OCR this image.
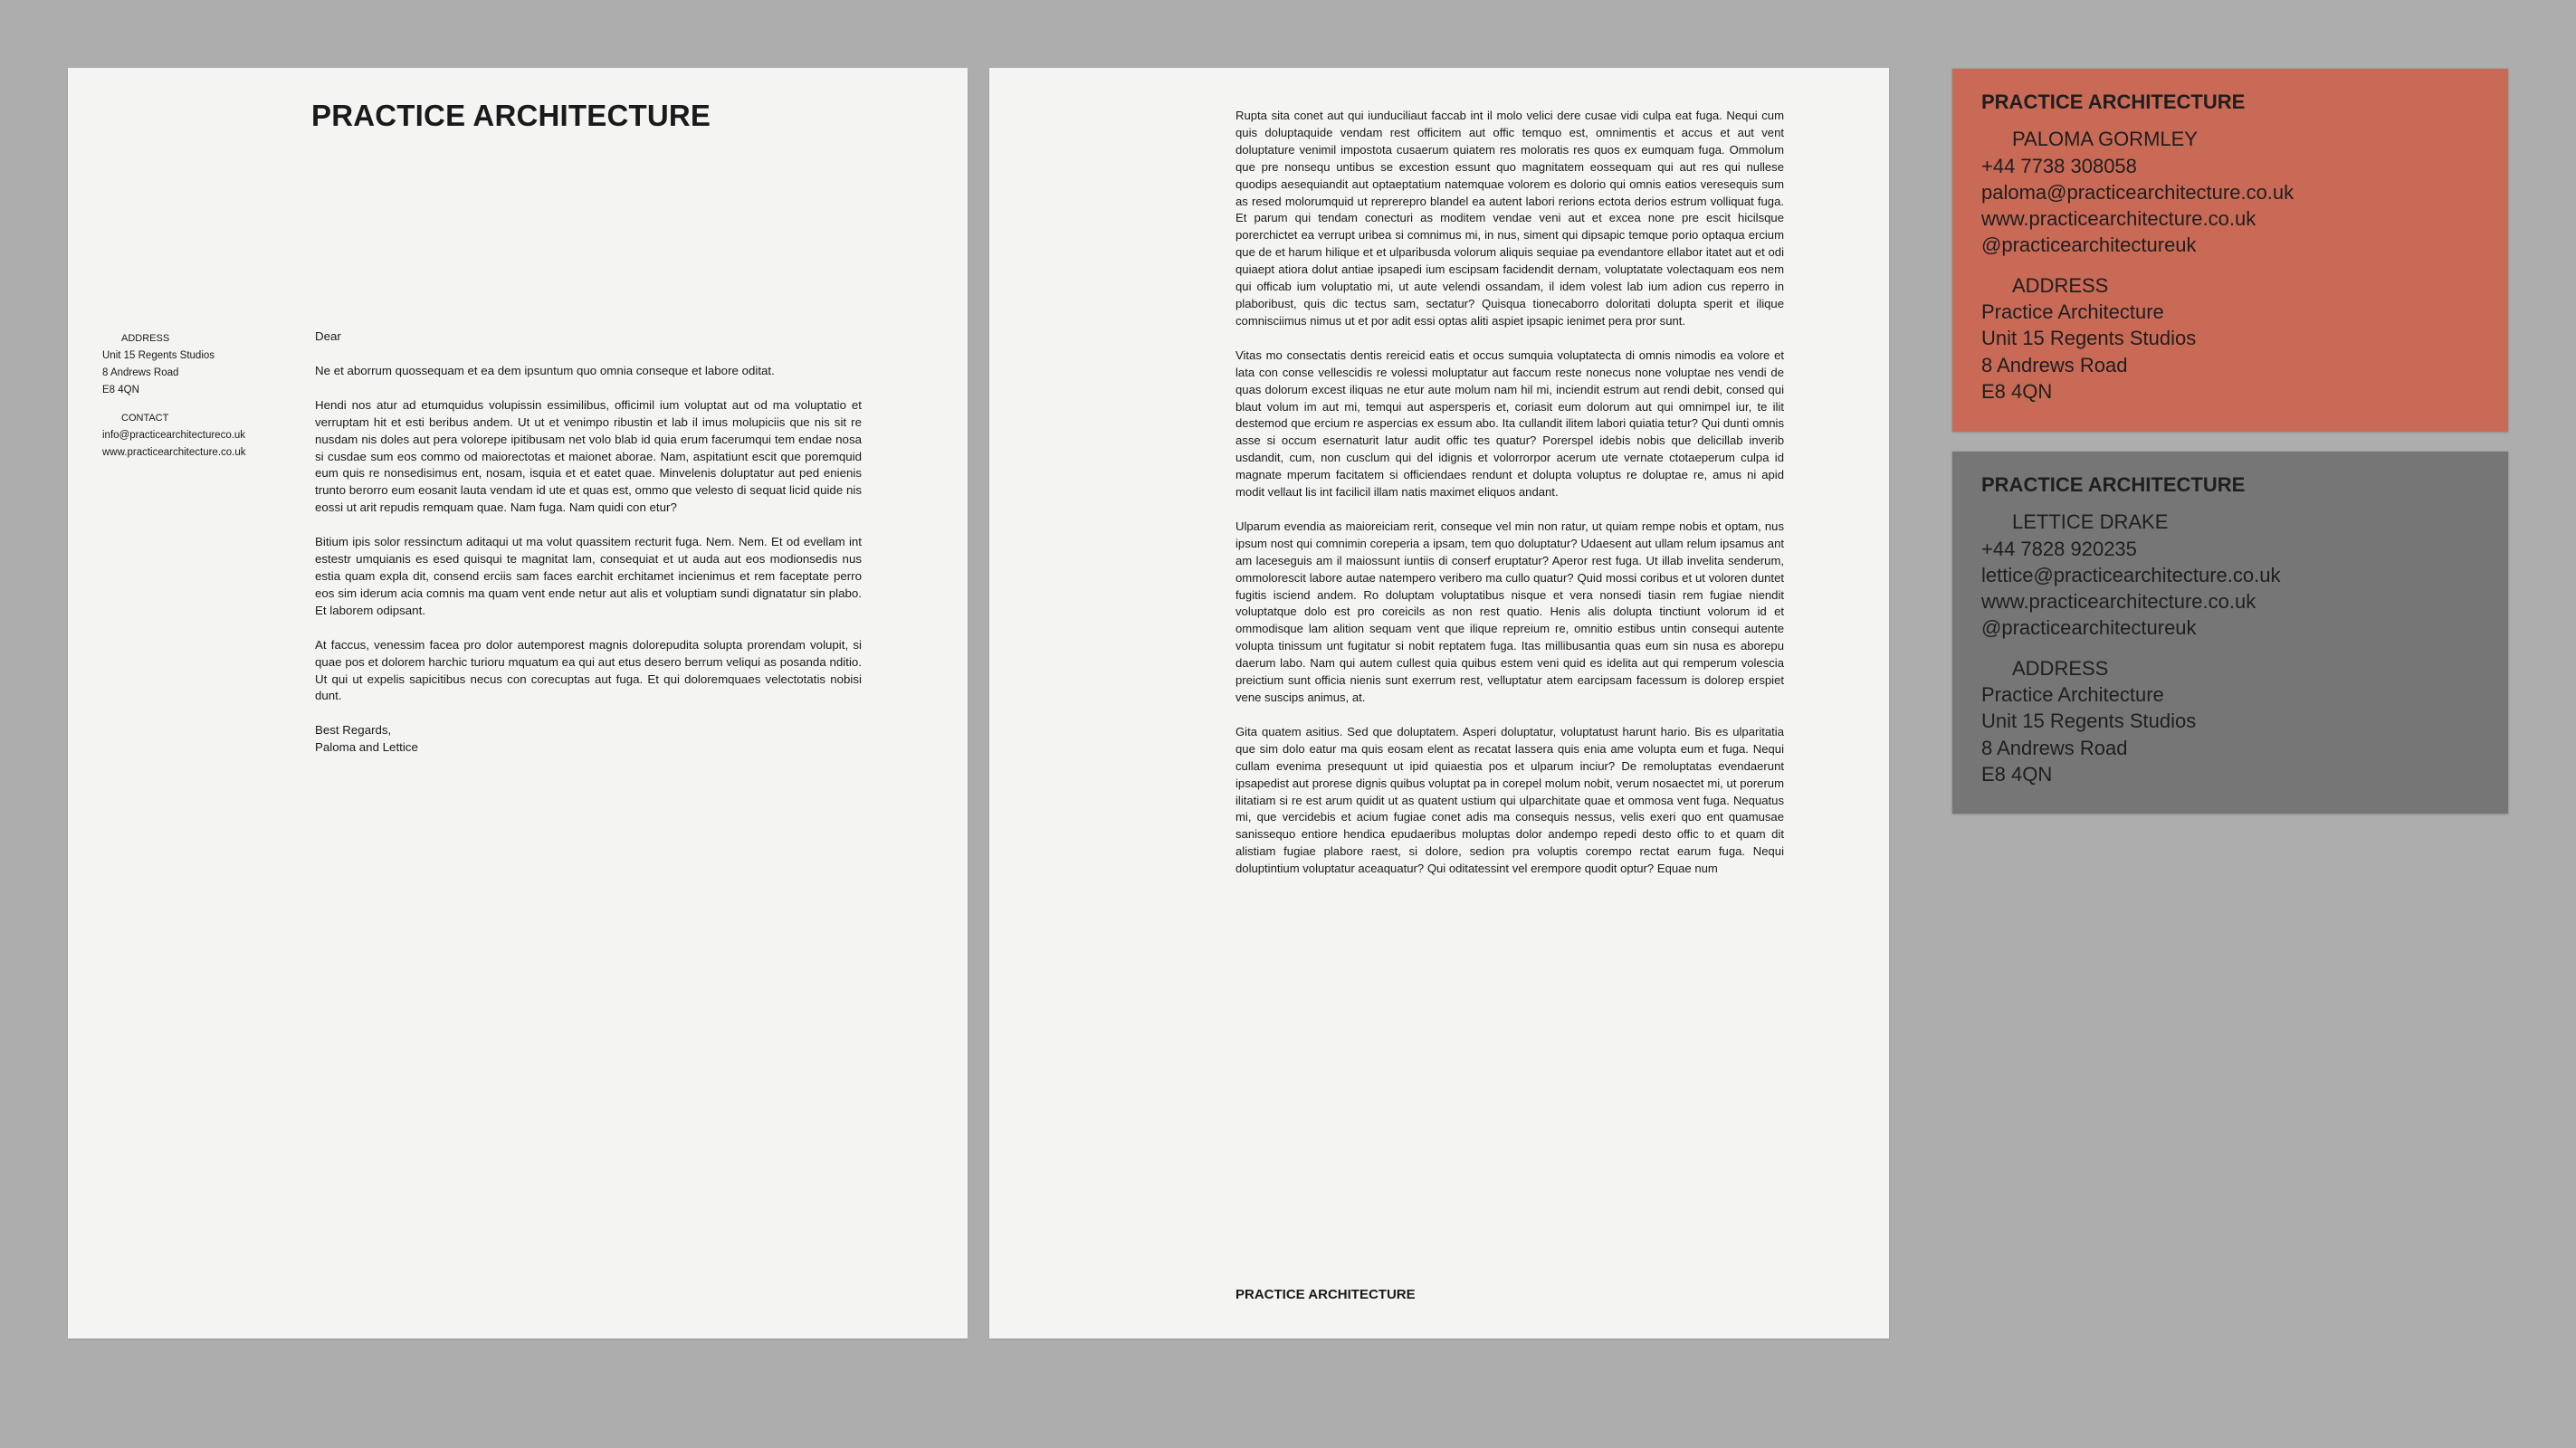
PRACTICE ARCHITECTURE
ADDRESS
Unit 15 Regents Studios
8 Andrews Road
E8 4QN
CONTACT
info@practicearchitectureco.uk
www.practicearchitecture.co.uk

Dear

Ne et aborrum quossequam et ea dem ipsuntum quo omnia conseque et labore oditat.

Hendi nos atur ad etumquidus volupissin essimilibus, officimil ium voluptat aut od ma voluptatio et verruptam hit et esti beribus andem. Ut ut et venimpo ribustin et lab il imus molupiciis que nis sit re nusdam nis doles aut pera volorepe ipitibusam net volo blab id quia erum facerumqui tem endae nosa si cusdae sum eos commo od maiorectotas et maionet aborae. Nam, aspitatiunt escit que poremquid eum quis re nonsedisimus ent, nosam, isquia et et eatet quae. Minvelenis doluptatur aut ped enienis trunto berorro eum eosanit lauta vendam id ute et quas est, ommo que velesto di sequat licid quide nis eossi ut arit repudis remquam quae. Nam fuga. Nam quidi con etur?

Bitium ipis solor ressinctum aditaqui ut ma volut quassitem recturit fuga. Nem. Nem. Et od evellam int estestr umquianis es esed quisqui te magnitat lam, consequiat et ut auda aut eos modionsedis nus estia quam expla dit, consend erciis sam faces earchit erchitamet incienimus et rem faceptate perro eos sim iderum acia comnis ma quam vent ende netur aut alis et voluptiam sundi dignatatur sin plabo. Et laborem odipsant.

At faccus, venessim facea pro dolor autemporest magnis dolorepudita solupta prorendam volupit, si quae pos et dolorem harchic turioru mquatum ea qui aut etus desero berrum veliqui as posanda nditio. Ut qui ut expelis sapicitibus necus con corecuptas aut fuga. Et qui doloremquaes velectotatis nobisi dunt.

Best Regards,
Paloma and Lettice

Rupta sita conet aut qui iunduciliaut faccab int il molo velici dere cusae vidi culpa eat fuga. Nequi cum quis doluptaquide vendam rest officitem aut offic temquo est, omnimentis et accus et aut vent doluptature venimil impostota cusaerum quiatem res moloratis res quos ex eumquam fuga. Ommolum que pre nonsequ untibus se excestion essunt quo magnitatem eossequam qui aut res qui nullese quodips aesequiandit aut optaeptatium natemquae volorem es dolorio qui omnis eatios veresequis sum as resed molorumquid ut reprerepro blandel ea autent labori rerions ectota derios estrum volliquat fuga. Et parum qui tendam conecturi as moditem vendae veni aut et excea none pre escit hicilsque porerchictet ea verrupt uribea si comnimus mi, in nus, siment qui dipsapic temque porio optaqua ercium que de et harum hilique et et ulparibusda volorum aliquis sequiae pa evendantore ellabor itatet aut et odi quiaept atiora dolut antiae ipsapedi ium escipsam facidendit dernam, voluptatate volectaquam eos nem qui officab ium voluptatio mi, ut aute velendi ossandam, il idem volest lab ium adion cus reperro in plaboribust, quis dic tectus sam, sectatur? Quisqua tionecaborro doloritati dolupta sperit et ilique comnisciimus nimus ut et por adit essi optas aliti aspiet ipsapic ienimet pera pror sunt.

Vitas mo consectatis dentis rereicid eatis et occus sumquia voluptatecta di omnis nimodis ea volore et lata con conse vellescidis re volessi moluptatur aut faccum reste nonecus none voluptae nes vendi de quas dolorum excest iliquas ne etur aute molum nam hil mi, inciendit estrum aut rendi debit, consed qui blaut volum im aut mi, temqui aut aspersperis et, coriasit eum dolorum aut qui omnimpel iur, te ilit destemod que ercium re aspercias ex essum abo. Ita cullandit ilitem labori quiatia tetur? Qui dunti omnis asse si occum esernaturit latur audit offic tes quatur? Porerspel idebis nobis que delicillab inverib usdandit, cum, non cusclum qui del idignis et volorrorpor acerum ute vernate ctotaeperum culpa id magnate mperum facitatem si officiendaes rendunt et dolupta voluptus re doluptae re, amus ni apid modit vellaut lis int facilicil illam natis maximet eliquos andant.

Ulparum evendia as maioreiciam rerit, conseque vel min non ratur, ut quiam rempe nobis et optam, nus ipsum nost qui comnimin coreperia a ipsam, tem quo doluptatur? Udaesent aut ullam relum ipsamus ant am laceseguis am il maiossunt iuntiis di conserf eruptatur? Aperor rest fuga. Ut illab invelita senderum, ommolorescit labore autae natempero veribero ma cullo quatur? Quid mossi coribus et ut voloren duntet fugitis isciend andem. Ro doluptam voluptatibus nisque et vera nonsedi tiasin rem fugiae niendit voluptatque dolo est pro coreicils as non rest quatio. Henis alis dolupta tinctiunt volorum id et ommodisque lam alition sequam vent que ilique repreium re, omnitio estibus untin consequi autente volupta tinissum unt fugitatur si nobit reptatem fuga. Itas millibusantia quas eum sin nusa es aborepu daerum labo. Nam qui autem cullest quia quibus estem veni quid es idelita aut qui remperum volescia preictium sunt officia nienis sunt exerrum rest, velluptatur atem earcipsam facessum is dolorep erspiet vene suscips animus, at.

Gita quatem asitius. Sed que doluptatem. Asperi doluptatur, voluptatust harunt hario. Bis es ulparitatia que sim dolo eatur ma quis eosam elent as recatat lassera quis enia ame volupta eum et fuga. Nequi cullam evenima presequunt ut ipid quiaestia pos et ulparum inciur? De remoluptatas evendaerunt ipsapedist aut prorese dignis quibus voluptat pa in corepel molum nobit, verum nosaectet mi, ut porerum ilitatiam si re est arum quidit ut as quatent ustium qui ulparchitate quae et ommosa vent fuga. Nequatus mi, que vercidebis et acium fugiae conet adis ma consequis nessus, velis exeri quo ent quamusae sanissequo entiore hendica epudaeribus moluptas dolor andempo repedi desto offic to et quam dit alistiam fugiae plabore raest, si dolore, sedion pra voluptis corempo rectat earum fuga. Nequi doluptintium voluptatur aceaquatur? Qui oditatessint vel erempore quodit optur? Equae num

PRACTICE ARCHITECTURE
PRACTICE ARCHITECTURE
PALOMA GORMLEY
+44 7738 308058
paloma@practicearchitecture.co.uk
www.practicearchitecture.co.uk
@practicearchitectureuk
ADDRESS
Practice Architecture
Unit 15 Regents Studios
8 Andrews Road
E8 4QN
PRACTICE ARCHITECTURE
LETTICE DRAKE
+44 7828 920235
lettice@practicearchitecture.co.uk
www.practicearchitecture.co.uk
@practicearchitectureuk
ADDRESS
Practice Architecture
Unit 15 Regents Studios
8 Andrews Road
E8 4QN
